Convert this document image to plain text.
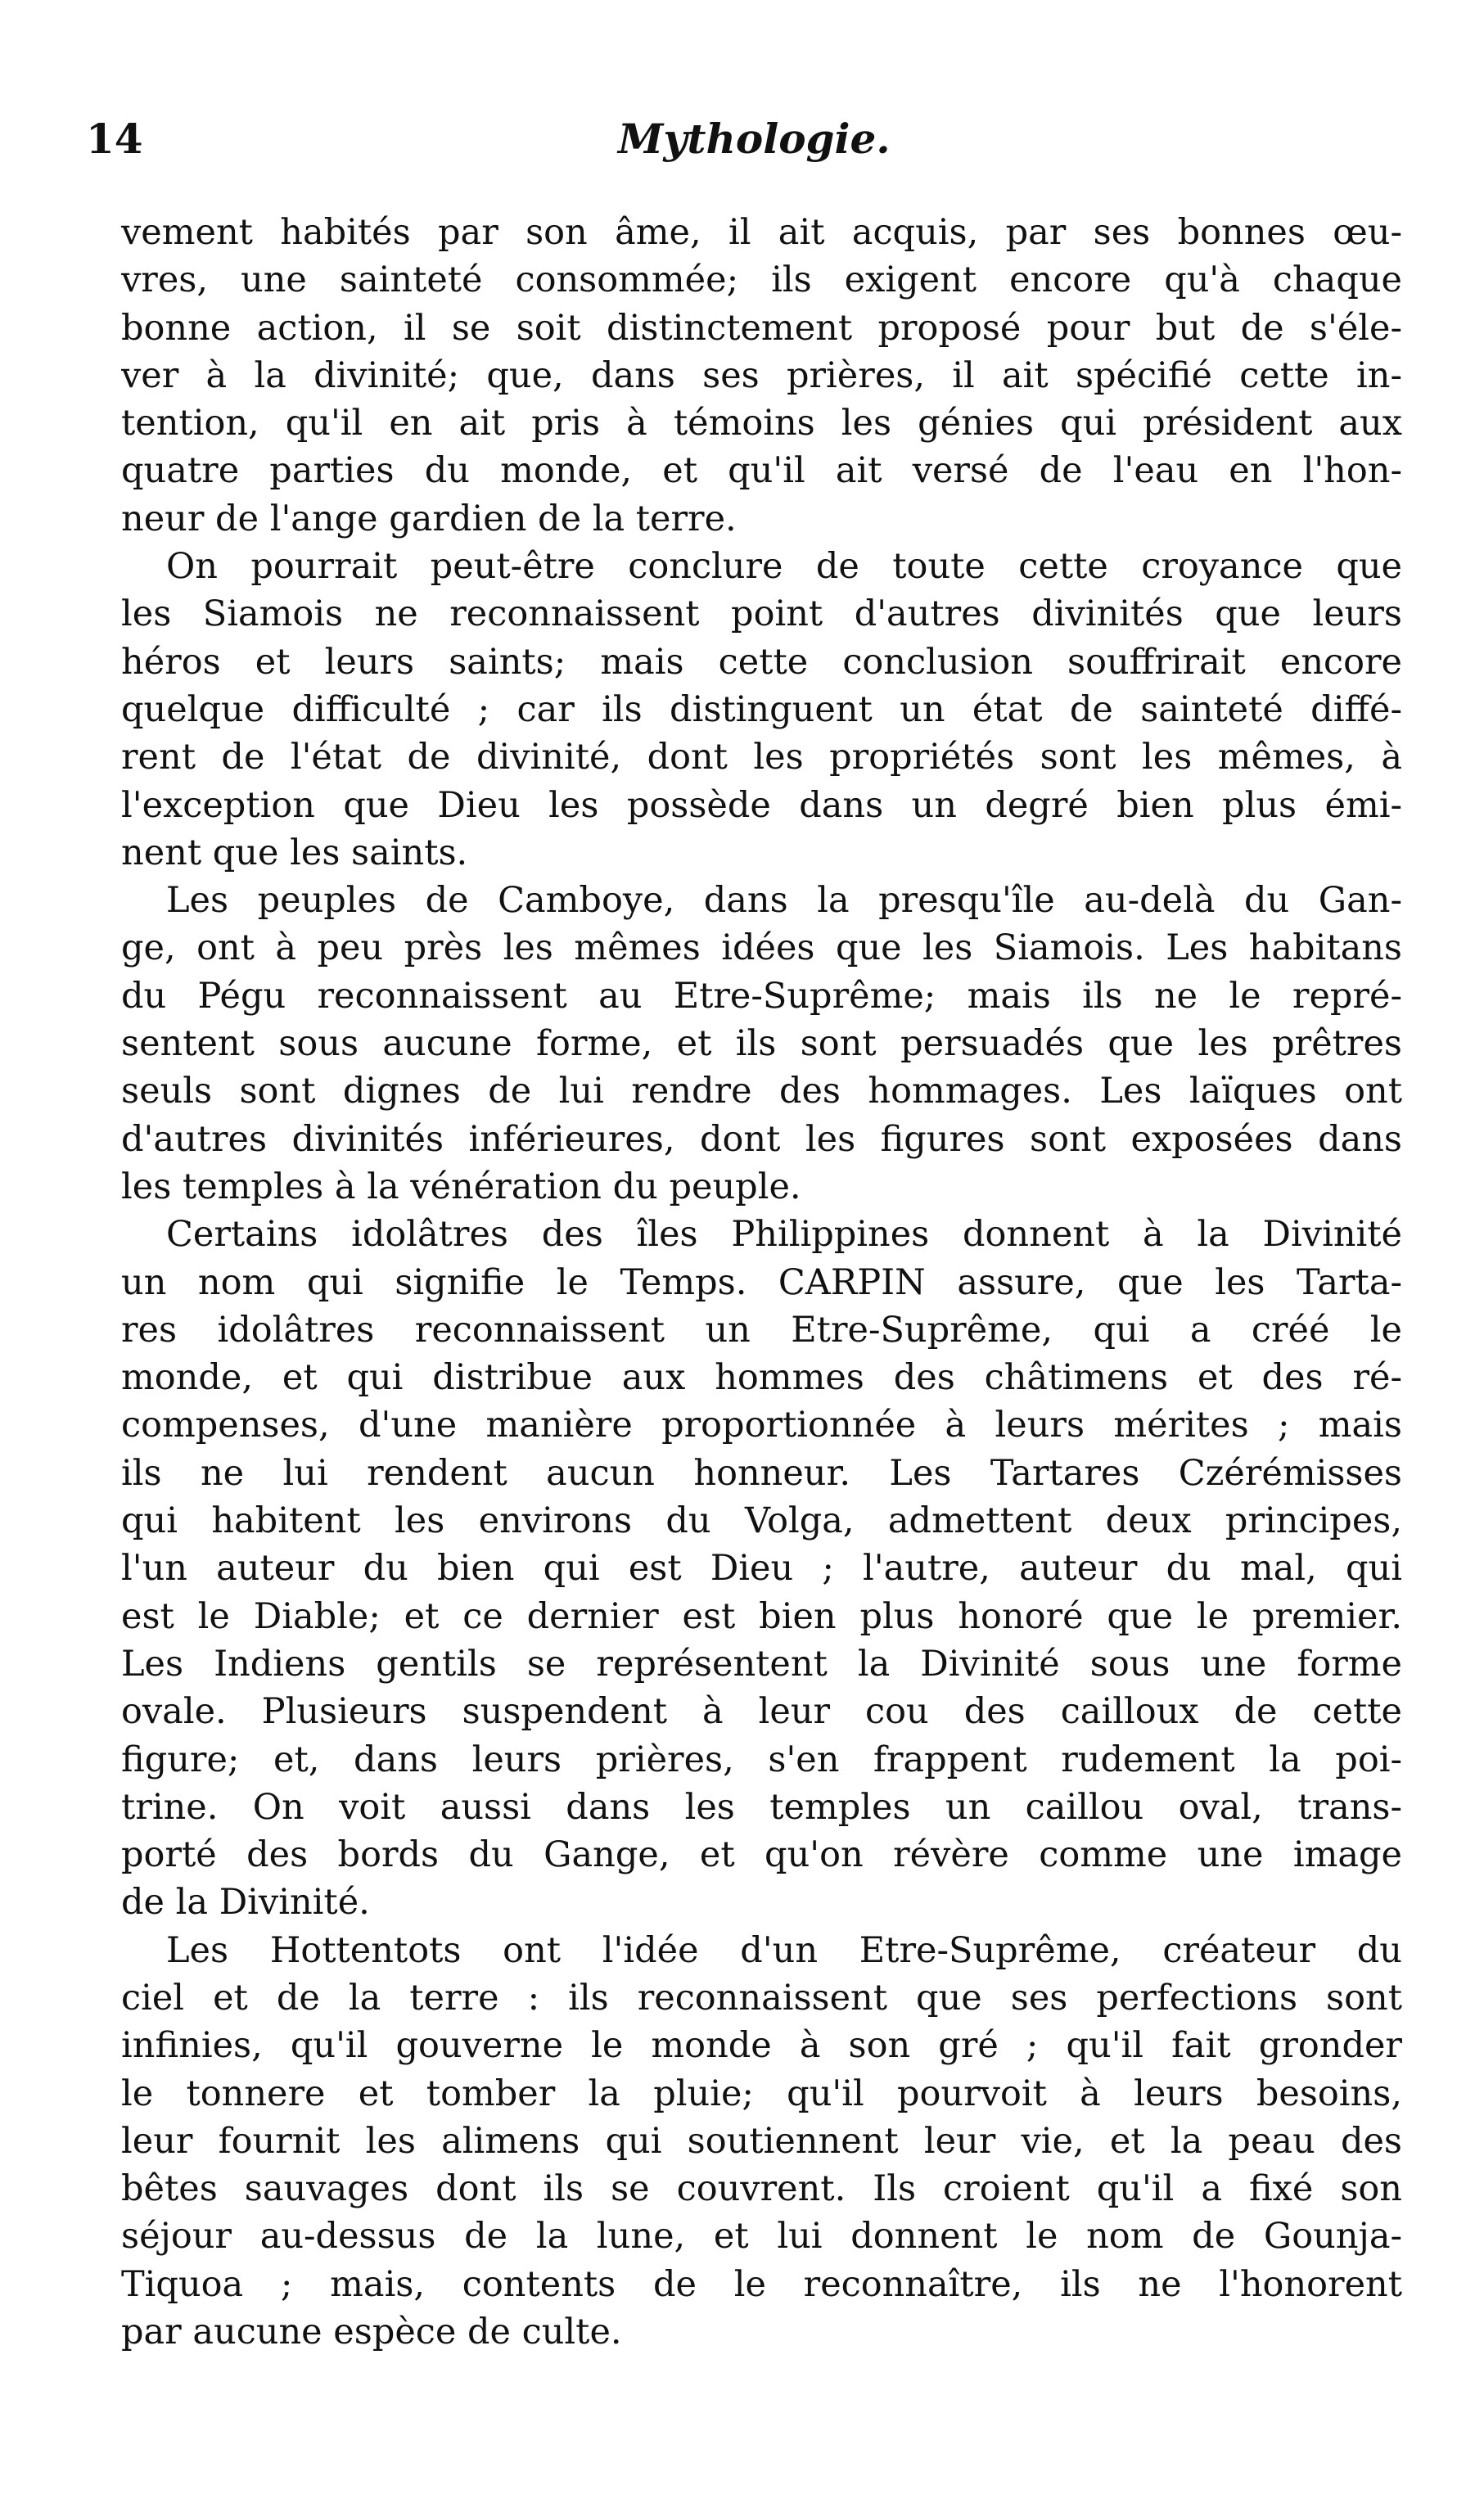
14	Mythologie.
vement habités par son âme, il ait acquis, par ses bonnes œu-
vres, une sainteté consommée; ils exigent encore qu'à chaque
bonne action, il se soit distinctement proposé pour but de s'éle-
ver à la divinité; que, dans ses prières, il ait spécifié cette in-
tention, qu'il en ait pris à témoins les génies qui président aux
quatre parties du monde, et qu'il ait versé de l'eau en l'hon-
neur de l'ange gardien de la terre.
On pourrait peut-être conclure de toute cette croyance que
les Siamois ne reconnaissent point d'autres divinités que leurs
héros et leurs saints; mais cette conclusion souffrirait encore
quelque difficulté ; car ils distinguent un état de sainteté diffé-
rent de l'état de divinité, dont les propriétés sont les mêmes, à
l'exception que Dieu les possède dans un degré bien plus émi-
nent que les saints.
Les peuples de Camboye, dans la presqu'île au-delà du Gan-
ge, ont à peu près les mêmes idées que les Siamois. Les habitans
du Pégu reconnaissent au Etre-Suprême; mais ils ne le repré-
sentent sous aucune forme, et ils sont persuadés que les prêtres
seuls sont dignes de lui rendre des hommages. Les laïques ont
d'autres divinités inférieures, dont les figures sont exposées dans
les temples à la vénération du peuple.
Certains idolâtres des îles Philippines donnent à la Divinité
un nom qui signifie le Temps. CARPIN assure, que les Tarta-
res idolâtres reconnaissent un Etre-Suprême, qui a créé le
monde, et qui distribue aux hommes des châtimens et des ré-
compenses, d'une manière proportionnée à leurs mérites ; mais
ils ne lui rendent aucun honneur. Les Tartares Czérémisses
qui habitent les environs du Volga, admettent deux principes,
l'un auteur du bien qui est Dieu ; l'autre, auteur du mal, qui
est le Diable; et ce dernier est bien plus honoré que le premier.
Les Indiens gentils se représentent la Divinité sous une forme
ovale. Plusieurs suspendent à leur cou des cailloux de cette
figure; et, dans leurs prières, s'en frappent rudement la poi-
trine. On voit aussi dans les temples un caillou oval, trans-
porté des bords du Gange, et qu'on révère comme une image
de la Divinité.
Les Hottentots ont l'idée d'un Etre-Suprême, créateur du
ciel et de la terre : ils reconnaissent que ses perfections sont
infinies, qu'il gouverne le monde à son gré ; qu'il fait gronder
le tonnere et tomber la pluie; qu'il pourvoit à leurs besoins,
leur fournit les alimens qui soutiennent leur vie, et la peau des
bêtes sauvages dont ils se couvrent. Ils croient qu'il a fixé son
séjour au-dessus de la lune, et lui donnent le nom de Gounja-
Tiquoa ; mais, contents de le reconnaître, ils ne l'honorent
par aucune espèce de culte.
